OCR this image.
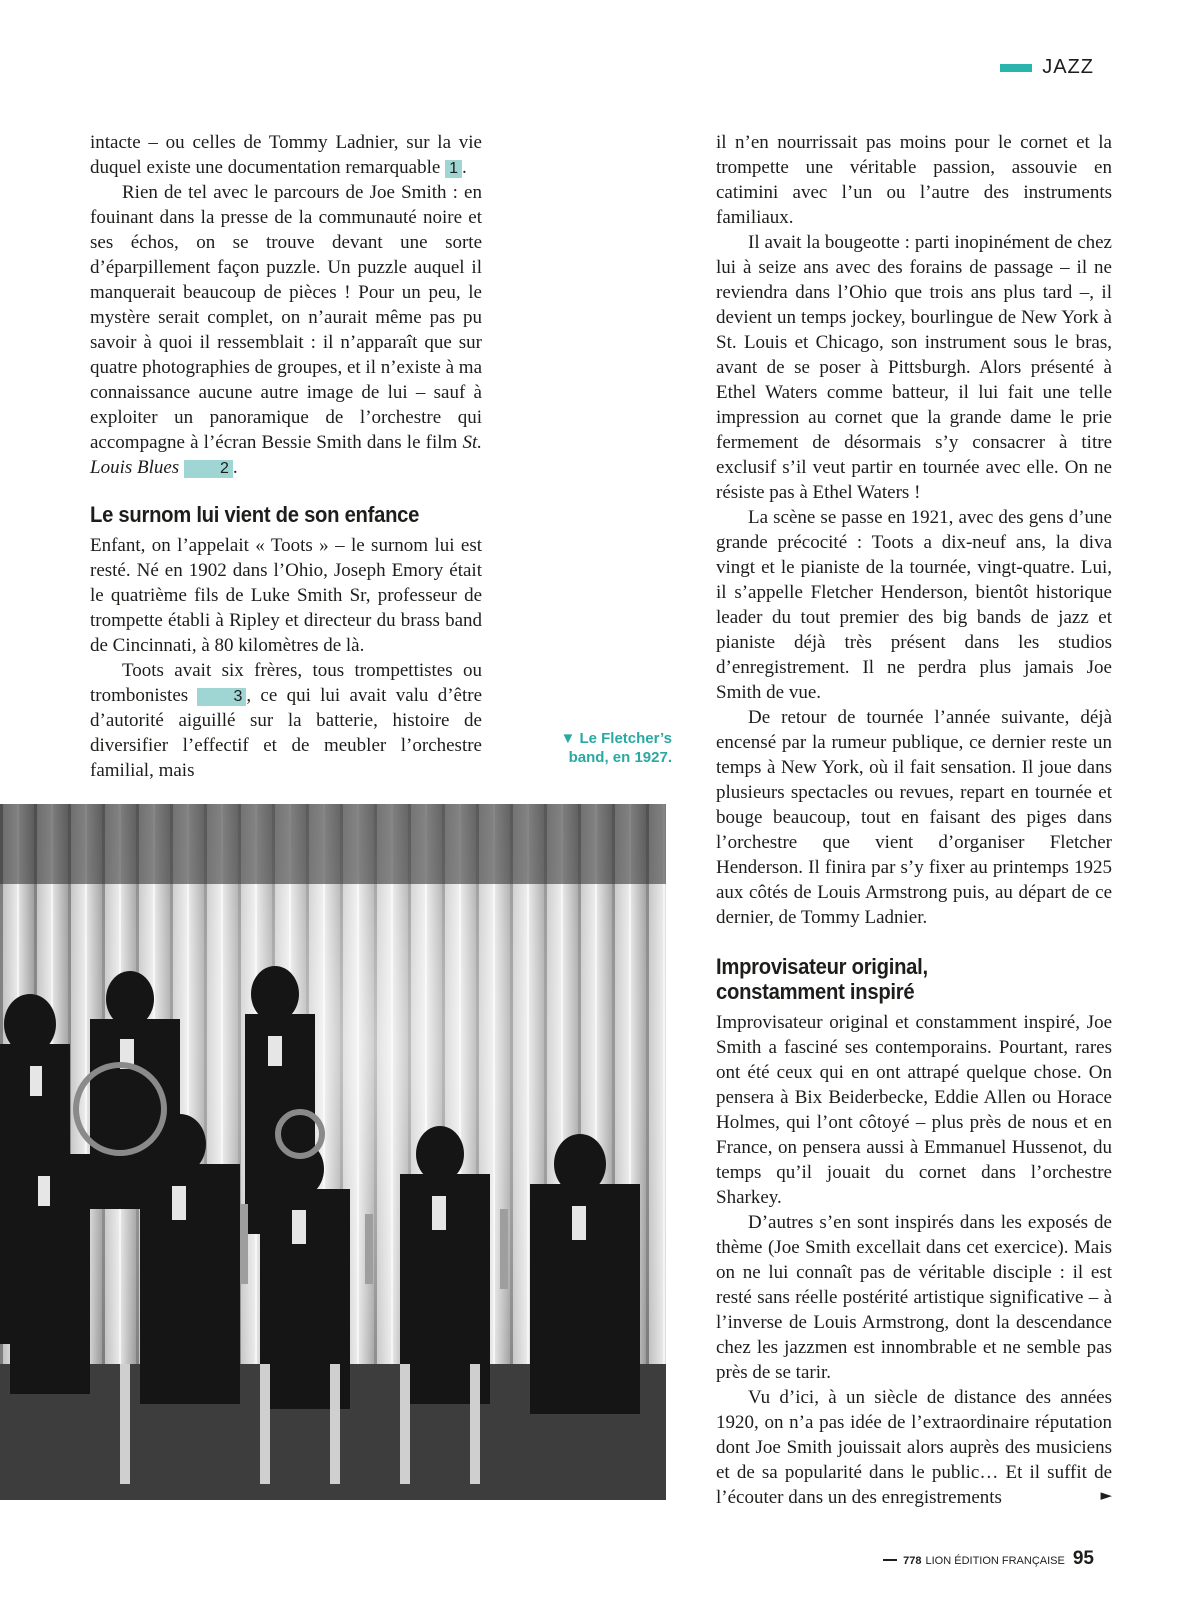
JAZZ

intacte – ou celles de Tommy Ladnier, sur la vie duquel existe une documentation remarquable 1 .

Rien de tel avec le parcours de Joe Smith : en fouinant dans la presse de la communauté noire et ses échos, on se trouve devant une sorte d’éparpillement façon puzzle. Un puzzle auquel il manquerait beaucoup de pièces ! Pour un peu, le mystère serait complet, on n’aurait même pas pu savoir à quoi il ressemblait : il n’apparaît que sur quatre photographies de groupes, et il n’existe à ma connaissance aucune autre image de lui – sauf à exploiter un panoramique de l’orchestre qui accompagne à l’écran Bessie Smith dans le film St. Louis Blues	2 .

Le surnom lui vient de son enfance

Enfant, on l’appelait « Toots » – le surnom lui est resté. Né en 1902 dans l’Ohio, Joseph Emory était le quatrième fils de Luke Smith Sr, professeur de trompette établi à Ripley et directeur du brass band de Cincinnati, à 80 kilomètres de là.

Toots avait six frères, tous trompettistes ou trombonistes	3 , ce qui lui avait valu d’être d’autorité aiguillé sur la batterie, histoire de diversifier l’effectif et de meubler l’orchestre familial, mais

▼ Le Fletcher’s
band, en 1927.

il n’en nourrissait pas moins pour le cornet et la trompette une véritable passion, assouvie en catimini avec l’un ou l’autre des instruments familiaux.

Il avait la bougeotte : parti inopinément de chez lui à seize ans avec des forains de passage – il ne reviendra dans l’Ohio que trois ans plus tard –, il devient un temps jockey, bourlingue de New York à St. Louis et Chicago, son instrument sous le bras, avant de se poser à Pittsburgh. Alors présenté à Ethel Waters comme batteur, il lui fait une telle impression au cornet que la grande dame le prie fermement de désormais s’y consacrer à titre exclusif s’il veut partir en tournée avec elle. On ne résiste pas à Ethel Waters !

La scène se passe en 1921, avec des gens d’une grande précocité : Toots a dix-neuf ans, la diva vingt et le pianiste de la tournée, vingt-quatre. Lui, il s’appelle Fletcher Henderson, bientôt historique leader du tout premier des big bands de jazz et pianiste déjà très présent dans les studios d’enregistrement. Il ne perdra plus jamais Joe Smith de vue.

De retour de tournée l’année suivante, déjà encensé par la rumeur publique, ce dernier reste un temps à New York, où il fait sensation. Il joue dans plusieurs spectacles ou revues, repart en tournée et bouge beaucoup, tout en faisant des piges dans l’orchestre que vient d’organiser Fletcher Henderson. Il finira par s’y fixer au printemps 1925 aux côtés de Louis Armstrong puis, au départ de ce dernier, de Tommy Ladnier.

Improvisateur original,
constamment inspiré

Improvisateur original et constamment inspiré, Joe Smith a fasciné ses contemporains. Pourtant, rares ont été ceux qui en ont attrapé quelque chose. On pensera à Bix Beiderbecke, Eddie Allen ou Horace Holmes, qui l’ont côtoyé – plus près de nous et en France, on pensera aussi à Emmanuel Hussenot, du temps qu’il jouait du cornet dans l’orchestre Sharkey.

D’autres s’en sont inspirés dans les exposés de thème (Joe Smith excellait dans cet exercice). Mais on ne lui connaît pas de véritable disciple : il est resté sans réelle postérité artistique significative – à l’inverse de Louis Armstrong, dont la descendance chez les jazzmen est innombrable et ne semble pas près de se tarir.

Vu d’ici, à un siècle de distance des années 1920, on n’a pas idée de l’extraordinaire réputation dont Joe Smith jouissait alors auprès des musiciens et de sa popularité dans le public… Et il suffit de l’écouter dans un des enregistrements	►
778 LION ÉDITION FRANÇAISE 95
